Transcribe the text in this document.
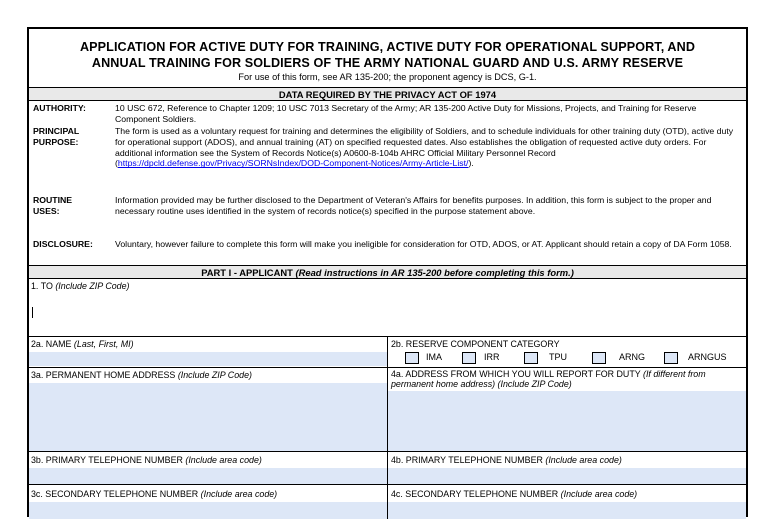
APPLICATION FOR ACTIVE DUTY FOR TRAINING, ACTIVE DUTY FOR OPERATIONAL SUPPORT, AND
ANNUAL TRAINING FOR SOLDIERS OF THE ARMY NATIONAL GUARD AND U.S. ARMY RESERVE
For use of this form, see AR 135-200; the proponent agency is DCS, G-1.
DATA REQUIRED BY THE PRIVACY ACT OF 1974
AUTHORITY:	10 USC 672, Reference to Chapter 1209; 10 USC 7013 Secretary of the Army; AR 135-200 Active Duty for Missions, Projects, and Training for Reserve Component Soldiers.
PRINCIPAL PURPOSE:
The form is used as a voluntary request for training and determines the eligibility of Soldiers, and to schedule individuals for other training duty (OTD), active duty for operational support (ADOS), and annual training (AT) on specified requested dates. Also establishes the obligation of requested active duty orders. For additional information see the System of Records Notice(s) A0600-8-104b AHRC Official Military Personnel Record (https://dpcld.defense.gov/Privacy/SORNsIndex/DOD-Component-Notices/Army-Article-List/).
ROUTINE USES:
Information provided may be further disclosed to the Department of Veteran's Affairs for benefits purposes. In addition, this form is subject to the proper and necessary routine uses identified in the system of records notice(s) specified in the purpose statement above.
DISCLOSURE:	Voluntary, however failure to complete this form will make you ineligible for consideration for OTD, ADOS, or AT. Applicant should retain a copy of DA Form 1058.
PART I - APPLICANT (Read instructions in AR 135-200 before completing this form.)
1. TO (Include ZIP Code)
2a. NAME (Last, First, MI)	2b. RESERVE COMPONENT CATEGORY
IMA	IRR	TPU	ARNG	ARNGUS
3a. PERMANENT HOME ADDRESS (Include ZIP Code)	4a. ADDRESS FROM WHICH YOU WILL REPORT FOR DUTY (If different from permanent home address) (Include ZIP Code)
3b. PRIMARY TELEPHONE NUMBER (Include area code)	4b. PRIMARY TELEPHONE NUMBER (Include area code)
3c. SECONDARY TELEPHONE NUMBER (Include area code)	4c. SECONDARY TELEPHONE NUMBER (Include area code)
